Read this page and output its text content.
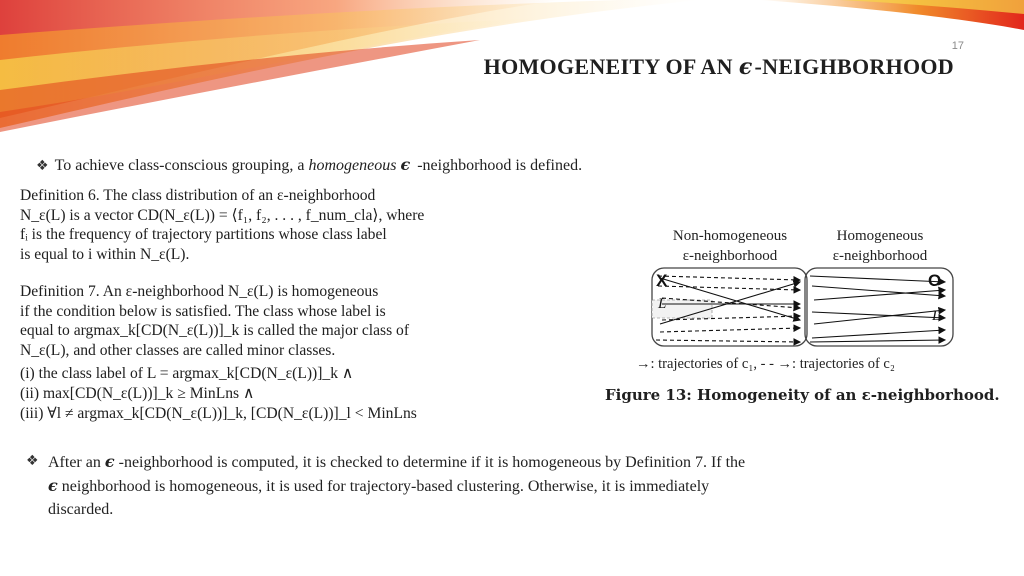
17
HOMOGENEITY OF AN ϵ-NEIGHBORHOOD
❖ To achieve class-conscious grouping, a homogeneous ϵ -neighborhood is defined.

Definition 6. The class distribution of an ε-neighborhood

N_ε(L) is a vector CD(N_ε(L)) = ⟨f₁, f₂, . . . , f_num_cla⟩, where

fᵢ is the frequency of trajectory partitions whose class label

is equal to i within N_ε(L).

Definition 7. An ε-neighborhood N_ε(L) is homogeneous

if the condition below is satisfied. The class whose label is

equal to argmax_k[CD(N_ε(L))]_k is called the major class of

N_ε(L), and other classes are called minor classes.

(i) the class label of L = argmax_k[CD(N_ε(L))]_k ∧
(ii) max[CD(N_ε(L))]_k ≥ MinLns ∧
(iii) ∀l ≠ argmax_k[CD(N_ε(L))]_k, [CD(N_ε(L))]_l < MinLns
Non-homogeneous
ε-neighborhood
Homogeneous
ε-neighborhood
X	O
L
L
→: trajectories of c₁, - - →: trajectories of c₂
Figure 13: Homogeneity of an ε-neighborhood.
❖ After an ϵ -neighborhood is computed, it is checked to determine if it is homogeneous by Definition 7. If the
ϵ neighborhood is homogeneous, it is used for trajectory-based clustering. Otherwise, it is immediately
discarded.
